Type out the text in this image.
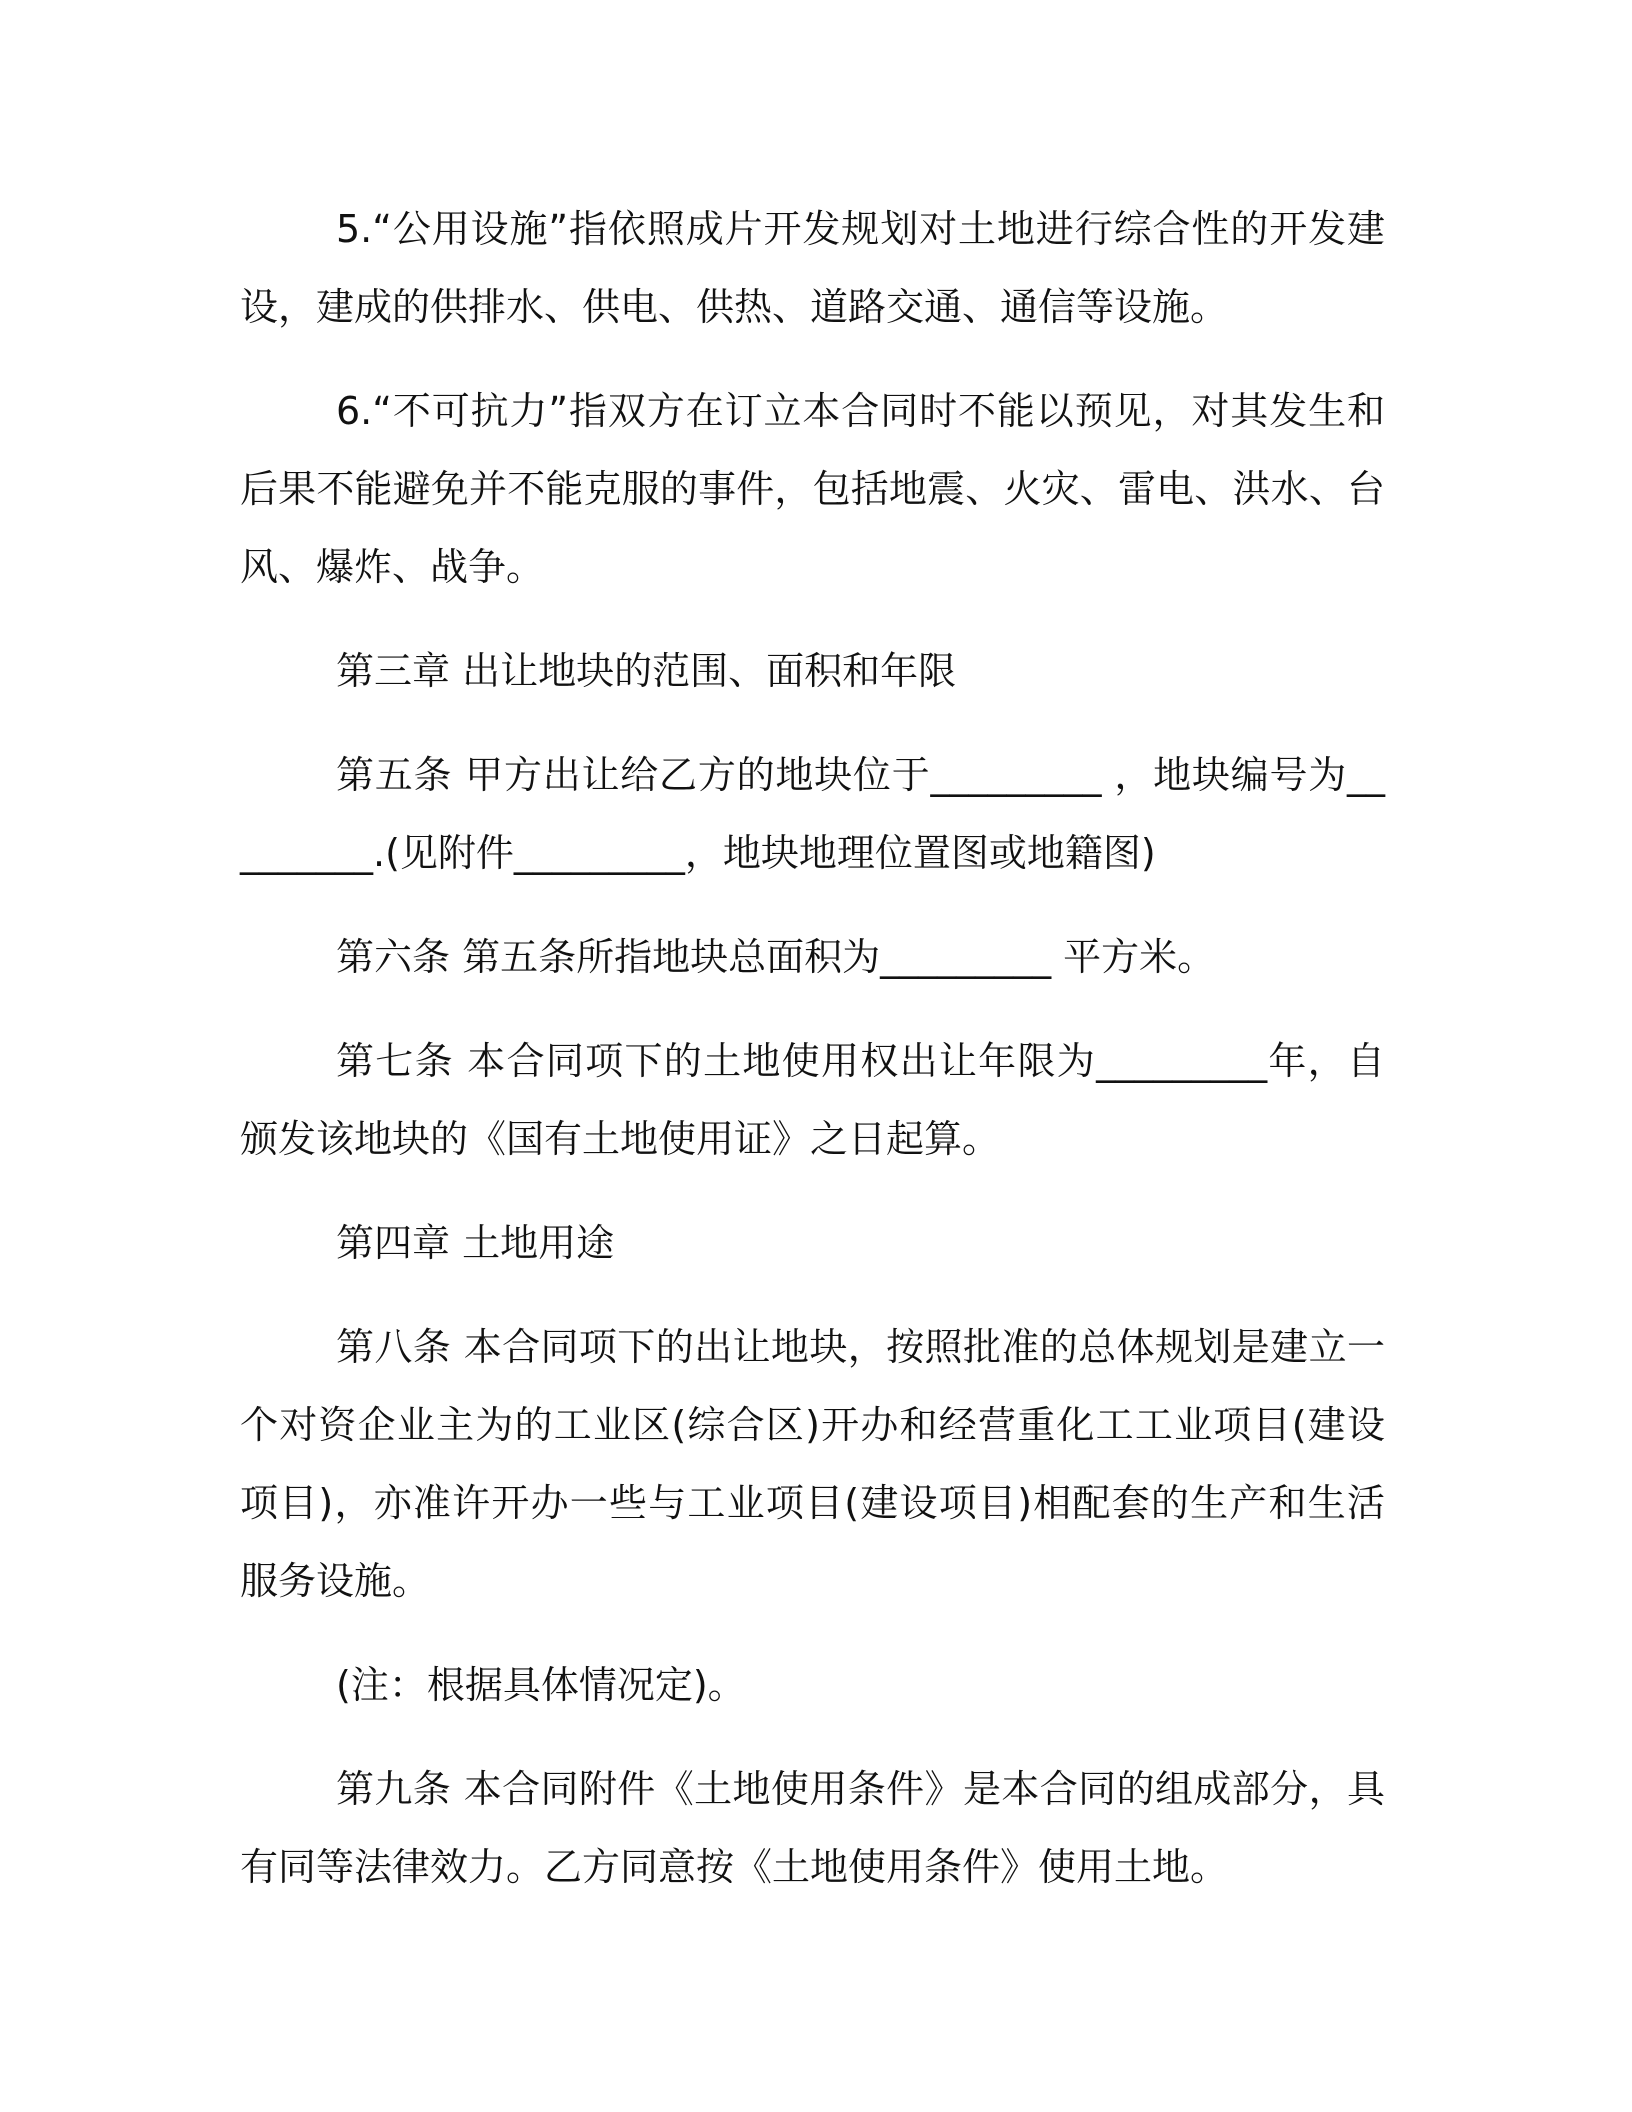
5.“公用设施”指依照成片开发规划对土地进行综合性的开发建设，建成的供排水、供电、供热、道路交通、通信等设施。

6.“不可抗力”指双方在订立本合同时不能以预见，对其发生和后果不能避免并不能克服的事件，包括地震、火灾、雷电、洪水、台风、爆炸、战争。

第三章 出让地块的范围、面积和年限

第五条 甲方出让给乙方的地块位于_________ ，地块编号为_________.(见附件_________，地块地理位置图或地籍图)

第六条 第五条所指地块总面积为_________ 平方米。

第七条 本合同项下的土地使用权出让年限为_________年，自颁发该地块的《国有土地使用证》之日起算。

第四章 土地用途

第八条 本合同项下的出让地块，按照批准的总体规划是建立一个对资企业主为的工业区(综合区)开办和经营重化工工业项目(建设项目)，亦准许开办一些与工业项目(建设项目)相配套的生产和生活服务设施。

(注：根据具体情况定)。

第九条 本合同附件《土地使用条件》是本合同的组成部分，具有同等法律效力。乙方同意按《土地使用条件》使用土地。
